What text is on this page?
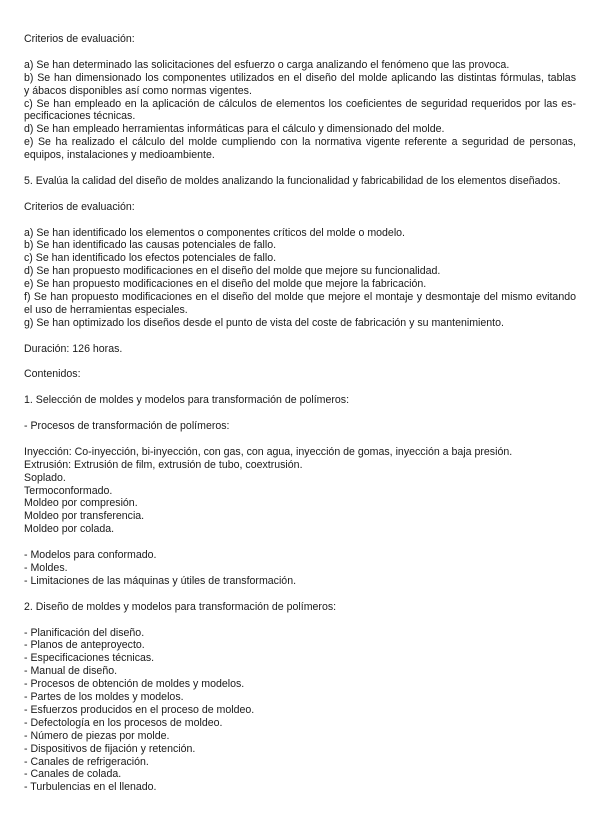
Criterios de evaluación:
a) Se han determinado las solicitaciones del esfuerzo o carga analizando el fenómeno que las provoca.
b) Se han dimensionado los componentes utilizados en el diseño del molde aplicando las distintas fórmulas, tablas
y ábacos disponibles así como normas vigentes.
c) Se han empleado en la aplicación de cálculos de elementos los coeficientes de seguridad requeridos por las es-
pecificaciones técnicas.
d) Se han empleado herramientas informáticas para el cálculo y dimensionado del molde.
e) Se ha realizado el cálculo del molde cumpliendo con la normativa vigente referente a seguridad de personas,
equipos, instalaciones y medioambiente.
5. Evalúa la calidad del diseño de moldes analizando la funcionalidad y fabricabilidad de los elementos diseñados.
Criterios de evaluación:
a) Se han identificado los elementos o componentes críticos del molde o modelo.
b) Se han identificado las causas potenciales de fallo.
c) Se han identificado los efectos potenciales de fallo.
d) Se han propuesto modificaciones en el diseño del molde que mejore su funcionalidad.
e) Se han propuesto modificaciones en el diseño del molde que mejore la fabricación.
f) Se han propuesto modificaciones en el diseño del molde que mejore el montaje y desmontaje del mismo evitando
el uso de herramientas especiales.
g) Se han optimizado los diseños desde el punto de vista del coste de fabricación y su mantenimiento.
Duración: 126 horas.
Contenidos:
1. Selección de moldes y modelos para transformación de polímeros:
- Procesos de transformación de polímeros:
Inyección: Co-inyección, bi-inyección, con gas, con agua, inyección de gomas, inyección a baja presión.
Extrusión: Extrusión de film, extrusión de tubo, coextrusión.
Soplado.
Termoconformado.
Moldeo por compresión.
Moldeo por transferencia.
Moldeo por colada.
- Modelos para conformado.
- Moldes.
- Limitaciones de las máquinas y útiles de transformación.
2. Diseño de moldes y modelos para transformación de polímeros:
- Planificación del diseño.
- Planos de anteproyecto.
- Especificaciones técnicas.
- Manual de diseño.
- Procesos de obtención de moldes y modelos.
- Partes de los moldes y modelos.
- Esfuerzos producidos en el proceso de moldeo.
- Defectología en los procesos de moldeo.
- Número de piezas por molde.
- Dispositivos de fijación y retención.
- Canales de refrigeración.
- Canales de colada.
- Turbulencias en el llenado.
